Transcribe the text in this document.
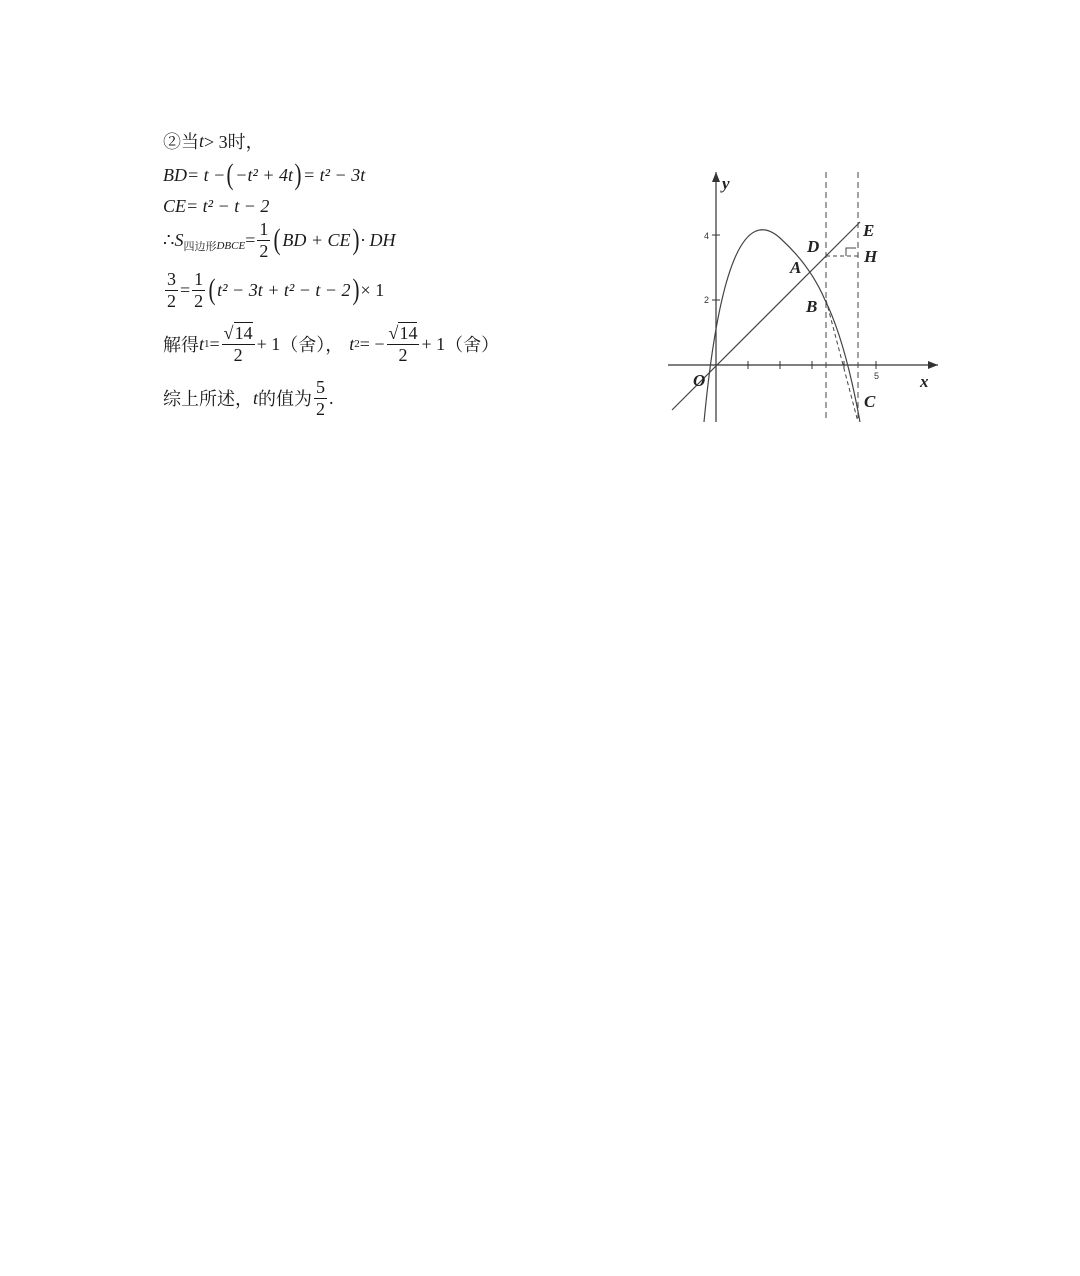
②当 t > 3时，
BD = t − ( −t² + 4t ) = t² − 3t
CE = t² − t − 2
∴ S 四边形 DBCE = $\frac{1}{2}$ ( BD + CE ) · DH
$\frac{3}{2} = \frac{1}{2}$ ( t² − 3t + t² − t − 2 ) × 1
解得 t $1 = \frac{√14}{2} + 1$ （舍）， t 2 = − $\frac{√14}{2} + 1$ （舍）
综上所述， t 的值为 $\frac{5}{2}$ .
4
2
5
y
x
O
A
B
C
D
E
H
